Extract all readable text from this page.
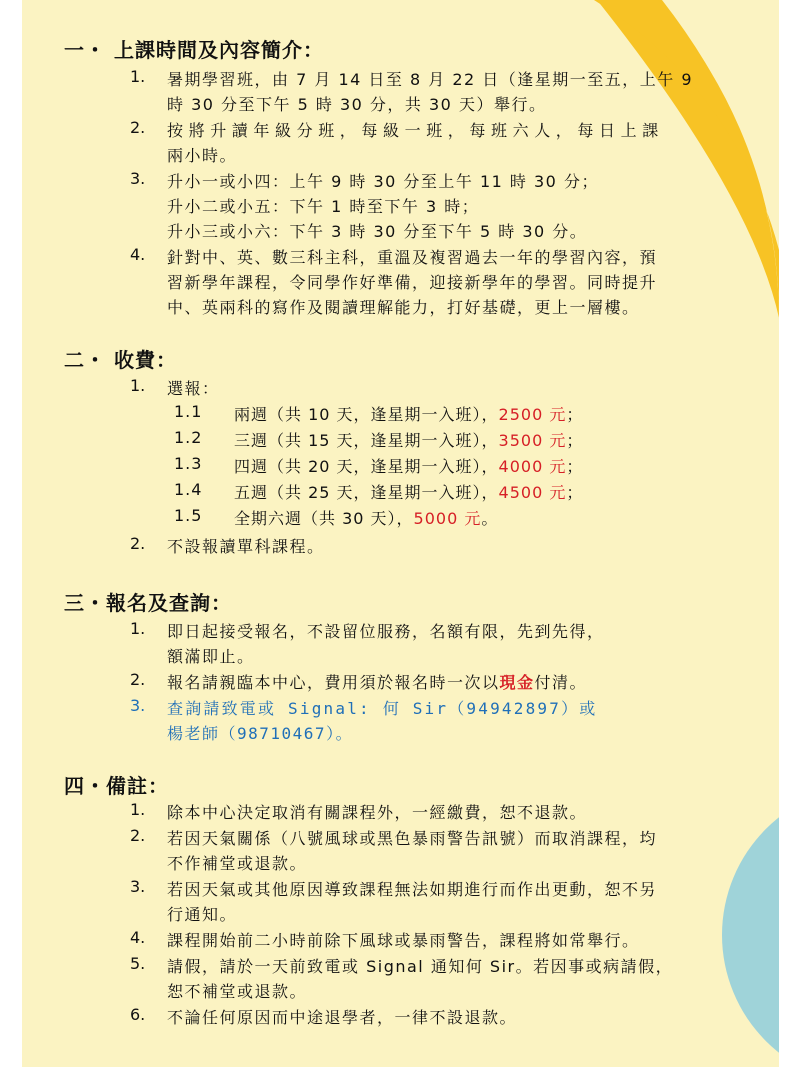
一・ 上課時間及內容簡介：
1. 暑期學習班，由 7 月 14 日至 8 月 22 日（逢星期一至五，上午 9
時 30 分至下午 5 時 30 分，共 30 天）舉行。
2. 按將升讀年級分班，每級一班，每班六人，每日上課
兩小時。
3. 升小一或小四：上午 9 時 30 分至上午 11 時 30 分；
升小二或小五：下午 1 時至下午 3 時；
升小三或小六：下午 3 時 30 分至下午 5 時 30 分。
4. 針對中、英、數三科主科，重溫及複習過去一年的學習內容，預
習新學年課程，令同學作好準備，迎接新學年的學習。同時提升
中、英兩科的寫作及閱讀理解能力，打好基礎，更上一層樓。
二・ 收費：
1. 選報：
1.1 兩週（共 10 天，逢星期一入班），2500 元；
1.2 三週（共 15 天，逢星期一入班），3500 元；
1.3 四週（共 20 天，逢星期一入班），4000 元；
1.4 五週（共 25 天，逢星期一入班），4500 元；
1.5 全期六週（共 30 天），5000 元。
2. 不設報讀單科課程。
三・報名及查詢：
1. 即日起接受報名，不設留位服務，名額有限，先到先得，
額滿即止。
2. 報名請親臨本中心，費用須於報名時一次以現金付清。
3. 查詢請致電或 Signal: 何 Sir（94942897）或
楊老師（98710467）。
四・備註：
1. 除本中心決定取消有關課程外，一經繳費，恕不退款。
2. 若因天氣關係（八號風球或黑色暴雨警告訊號）而取消課程，均
不作補堂或退款。
3. 若因天氣或其他原因導致課程無法如期進行而作出更動，恕不另
行通知。
4. 課程開始前二小時前除下風球或暴雨警告，課程將如常舉行。
5. 請假，請於一天前致電或 Signal 通知何 Sir。若因事或病請假，
恕不補堂或退款。
6. 不論任何原因而中途退學者，一律不設退款。
